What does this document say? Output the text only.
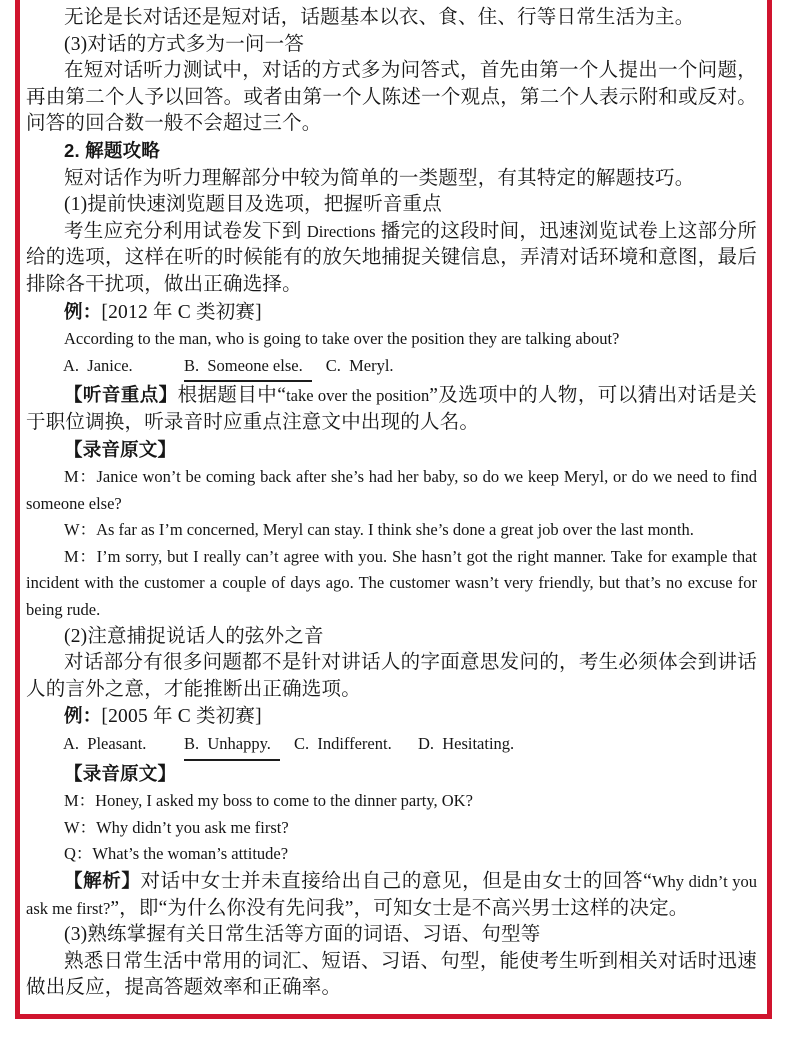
无论是长对话还是短对话，话题基本以衣、食、住、行等日常生活为主。

(3)对话的方式多为一问一答

在短对话听力测试中，对话的方式多为问答式，首先由第一个人提出一个问题，再由第二个人予以回答。或者由第一个人陈述一个观点，第二个人表示附和或反对。问答的回合数一般不会超过三个。

2. 解题攻略

短对话作为听力理解部分中较为简单的一类题型，有其特定的解题技巧。

(1)提前快速浏览题目及选项，把握听音重点

考生应充分利用试卷发下到 Directions 播完的这段时间，迅速浏览试卷上这部分所给的选项，这样在听的时候能有的放矢地捕捉关键信息，弄清对话环境和意图，最后排除各干扰项，做出正确选择。

例：[2012 年 C 类初赛]

According to the man, who is going to take over the position they are talking about?

A.  Janice.	B.  Someone else. C.  Meryl.

【听音重点】根据题目中“take over the position”及选项中的人物，可以猜出对话是关于职位调换，听录音时应重点注意文中出现的人名。

【录音原文】

M：Janice won’t be coming back after she’s had her baby, so do we keep Meryl, or do we need to find someone else?

W：As far as I’m concerned, Meryl can stay. I think she’s done a great job over the last month.

M：I’m sorry, but I really can’t agree with you. She hasn’t got the right manner. Take for example that incident with the customer a couple of days ago. The customer wasn’t very friendly, but that’s no excuse for being rude.

(2)注意捕捉说话人的弦外之音

对话部分有很多问题都不是针对讲话人的字面意思发问的，考生必须体会到讲话人的言外之意，才能推断出正确选项。

例：[2005 年 C 类初赛]

A.  Pleasant. B.  Unhappy. C.  Indifferent. D.  Hesitating.

【录音原文】

M：Honey, I asked my boss to come to the dinner party, OK?

W：Why didn’t you ask me first?

Q：What’s the woman’s attitude?

【解析】对话中女士并未直接给出自己的意见，但是由女士的回答“Why didn’t you ask me first?”，即“为什么你没有先问我”，可知女士是不高兴男士这样的决定。

(3)熟练掌握有关日常生活等方面的词语、习语、句型等

熟悉日常生活中常用的词汇、短语、习语、句型，能使考生听到相关对话时迅速做出反应，提高答题效率和正确率。
